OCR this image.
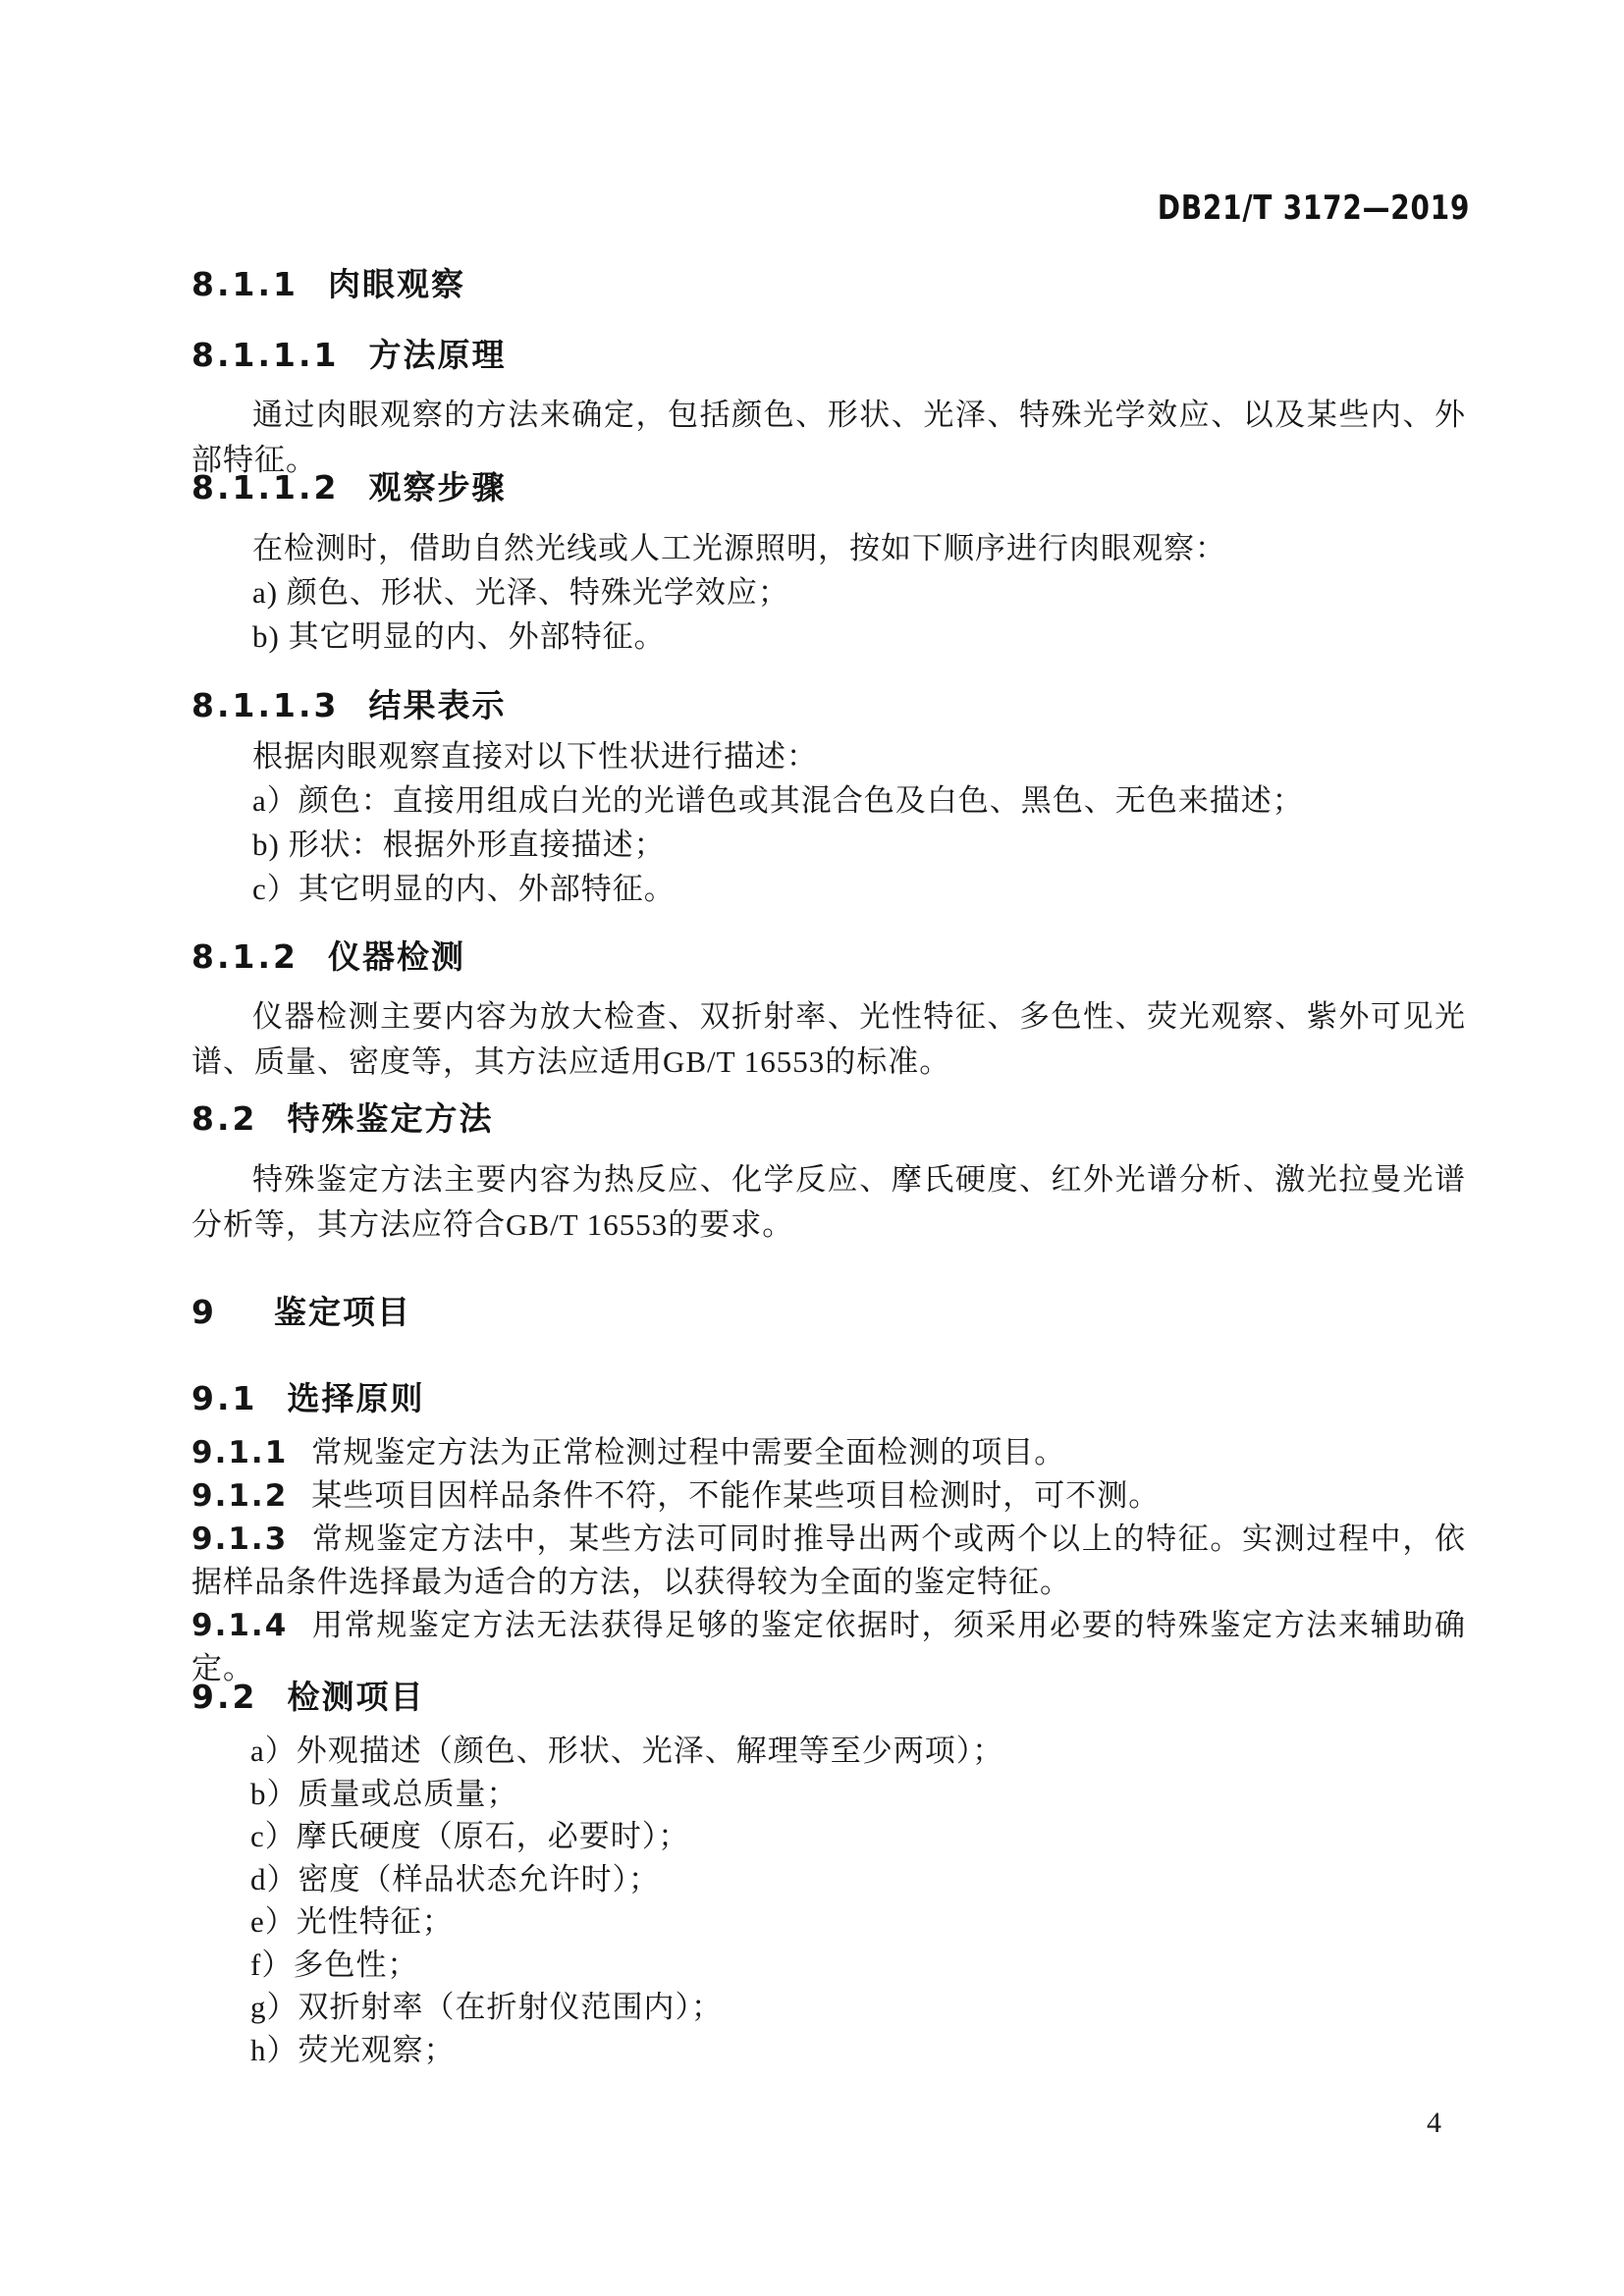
DB21/T 3172—2019
8.1.1 肉眼观察
8.1.1.1 方法原理
通过肉眼观察的方法来确定，包括颜色、形状、光泽、特殊光学效应、以及某些内、外部特征。
8.1.1.2 观察步骤
在检测时，借助自然光线或人工光源照明，按如下顺序进行肉眼观察：
a) 颜色、形状、光泽、特殊光学效应；
b) 其它明显的内、外部特征。
8.1.1.3 结果表示
根据肉眼观察直接对以下性状进行描述：
a）颜色：直接用组成白光的光谱色或其混合色及白色、黑色、无色来描述；
b) 形状：根据外形直接描述；
c）其它明显的内、外部特征。
8.1.2 仪器检测
仪器检测主要内容为放大检查、双折射率、光性特征、多色性、荧光观察、紫外可见光谱、质量、密度等，其方法应适用GB/T 16553的标准。
8.2 特殊鉴定方法
特殊鉴定方法主要内容为热反应、化学反应、摩氏硬度、红外光谱分析、激光拉曼光谱分析等，其方法应符合GB/T 16553的要求。
9 鉴定项目
9.1 选择原则

9.1.1 常规鉴定方法为正常检测过程中需要全面检测的项目。

9.1.2 某些项目因样品条件不符，不能作某些项目检测时，可不测。

9.1.3 常规鉴定方法中，某些方法可同时推导出两个或两个以上的特征。实测过程中，依据样品条件选择最为适合的方法，以获得较为全面的鉴定特征。

9.1.4 用常规鉴定方法无法获得足够的鉴定依据时，须采用必要的特殊鉴定方法来辅助确定。

9.2 检测项目
a）外观描述（颜色、形状、光泽、解理等至少两项）；
b）质量或总质量；
c）摩氏硬度（原石，必要时）；
d）密度（样品状态允许时）；
e）光性特征；
f）多色性；
g）双折射率（在折射仪范围内）；
h）荧光观察；
4
